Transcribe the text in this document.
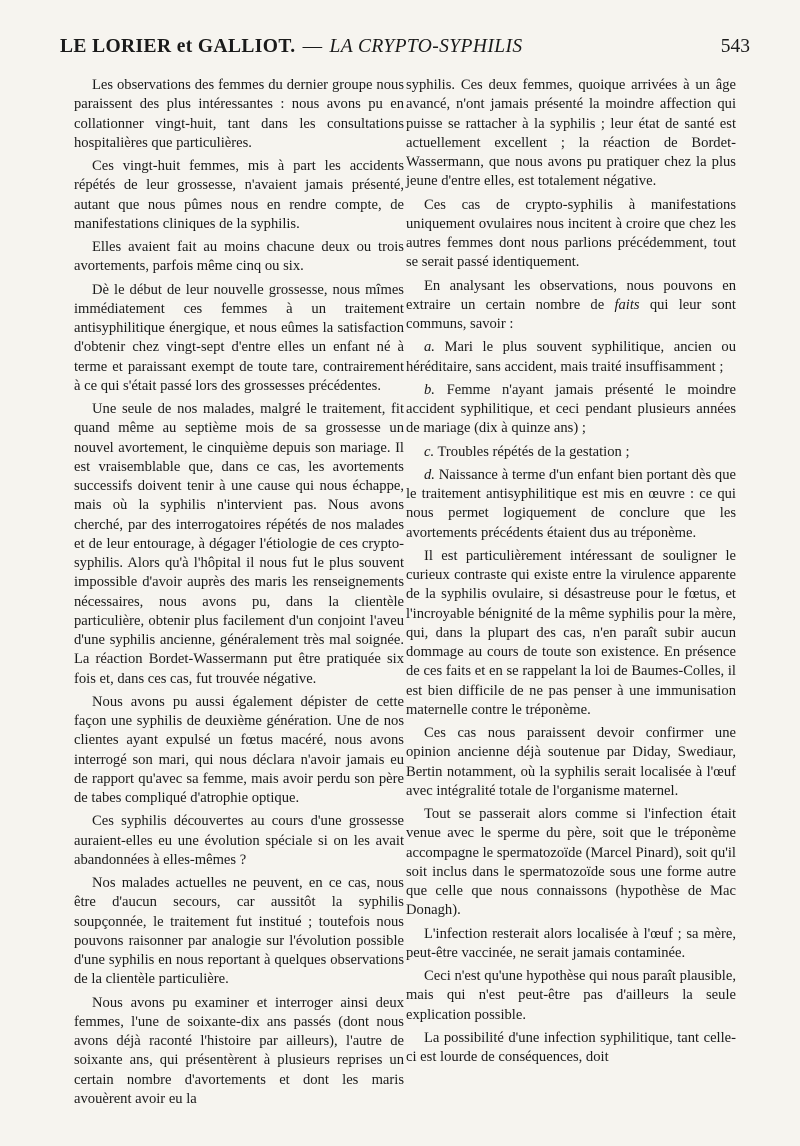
LE LORIER et GALLIOT. — LA CRYPTO-SYPHILIS	543

Les observations des femmes du dernier groupe nous paraissent des plus intéressantes : nous avons pu en collationner vingt-huit, tant dans les consultations hospitalières que particulières.

Ces vingt-huit femmes, mis à part les accidents répétés de leur grossesse, n'avaient jamais présenté, autant que nous pûmes nous en rendre compte, de manifestations cliniques de la syphilis.

Elles avaient fait au moins chacune deux ou trois avortements, parfois même cinq ou six.

Dè le début de leur nouvelle grossesse, nous mîmes immédiatement ces femmes à un traitement antisyphilitique énergique, et nous eûmes la satisfaction d'obtenir chez vingt-sept d'entre elles un enfant né à terme et paraissant exempt de toute tare, contrairement à ce qui s'était passé lors des grossesses précédentes.

Une seule de nos malades, malgré le traitement, fit quand même au septième mois de sa grossesse un nouvel avortement, le cinquième depuis son mariage. Il est vraisemblable que, dans ce cas, les avortements successifs doivent tenir à une cause qui nous échappe, mais où la syphilis n'intervient pas. Nous avons cherché, par des interrogatoires répétés de nos malades et de leur entourage, à dégager l'étiologie de ces crypto-syphilis. Alors qu'à l'hôpital il nous fut le plus souvent impossible d'avoir auprès des maris les renseignements nécessaires, nous avons pu, dans la clientèle particulière, obtenir plus facilement d'un conjoint l'aveu d'une syphilis ancienne, généralement très mal soignée. La réaction Bordet-Wassermann put être pratiquée six fois et, dans ces cas, fut trouvée négative.

Nous avons pu aussi également dépister de cette façon une syphilis de deuxième génération. Une de nos clientes ayant expulsé un fœtus macéré, nous avons interrogé son mari, qui nous déclara n'avoir jamais eu de rapport qu'avec sa femme, mais avoir perdu son père de tabes compliqué d'atrophie optique.

Ces syphilis découvertes au cours d'une grossesse auraient-elles eu une évolution spéciale si on les avait abandonnées à elles-mêmes ?

Nos malades actuelles ne peuvent, en ce cas, nous être d'aucun secours, car aussitôt la syphilis soupçonnée, le traitement fut institué ; toutefois nous pouvons raisonner par analogie sur l'évolution possible d'une syphilis en nous reportant à quelques observations de la clientèle particulière.

Nous avons pu examiner et interroger ainsi deux femmes, l'une de soixante-dix ans passés (dont nous avons déjà raconté l'histoire par ailleurs), l'autre de soixante ans, qui présentèrent à plusieurs reprises un certain nombre d'avortements et dont les maris avouèrent avoir eu la

syphilis. Ces deux femmes, quoique arrivées à un âge avancé, n'ont jamais présenté la moindre affection qui puisse se rattacher à la syphilis ; leur état de santé est actuellement excellent ; la réaction de Bordet-Wassermann, que nous avons pu pratiquer chez la plus jeune d'entre elles, est totalement négative.

Ces cas de crypto-syphilis à manifestations uniquement ovulaires nous incitent à croire que chez les autres femmes dont nous parlions précédemment, tout se serait passé identiquement.

En analysant les observations, nous pouvons en extraire un certain nombre de faits qui leur sont communs, savoir :

a. Mari le plus souvent syphilitique, ancien ou héréditaire, sans accident, mais traité insuffisamment ;

b. Femme n'ayant jamais présenté le moindre accident syphilitique, et ceci pendant plusieurs années de mariage (dix à quinze ans) ;

c. Troubles répétés de la gestation ;

d. Naissance à terme d'un enfant bien portant dès que le traitement antisyphilitique est mis en œuvre : ce qui nous permet logiquement de conclure que les avortements précédents étaient dus au tréponème.

Il est particulièrement intéressant de souligner le curieux contraste qui existe entre la virulence apparente de la syphilis ovulaire, si désastreuse pour le fœtus, et l'incroyable bénignité de la même syphilis pour la mère, qui, dans la plupart des cas, n'en paraît subir aucun dommage au cours de toute son existence. En présence de ces faits et en se rappelant la loi de Baumes-Colles, il est bien difficile de ne pas penser à une immunisation maternelle contre le tréponème.

Ces cas nous paraissent devoir confirmer une opinion ancienne déjà soutenue par Diday, Swediaur, Bertin notamment, où la syphilis serait localisée à l'œuf avec intégralité totale de l'organisme maternel.

Tout se passerait alors comme si l'infection était venue avec le sperme du père, soit que le tréponème accompagne le spermatozoïde (Marcel Pinard), soit qu'il soit inclus dans le spermatozoïde sous une forme autre que celle que nous connaissons (hypothèse de Mac Donagh).

L'infection resterait alors localisée à l'œuf ; sa mère, peut-être vaccinée, ne serait jamais contaminée.

Ceci n'est qu'une hypothèse qui nous paraît plausible, mais qui n'est peut-être pas d'ailleurs la seule explication possible.

La possibilité d'une infection syphilitique, tant celle-ci est lourde de conséquences, doit
